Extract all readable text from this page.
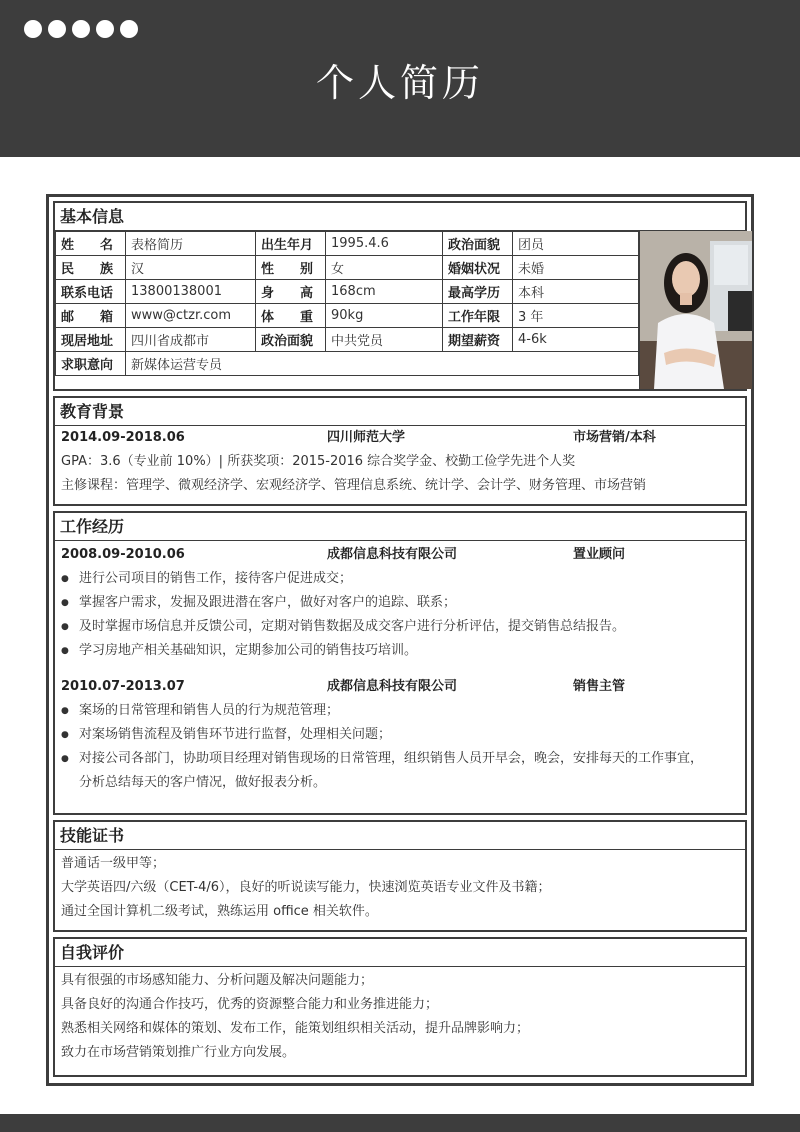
个人简历
基本信息
姓　　名	表格简历	出生年月	1995.4.6	政治面貌	团员
民　　族	汉	性　　别	女	婚姻状况	未婚
联系电话	13800138001	身　　高	168cm	最高学历	本科
邮　　箱	www@ctzr.com	体　　重	90kg	工作年限	3 年
现居地址	四川省成都市	政治面貌	中共党员	期望薪资	4-6k
求职意向	新媒体运营专员				
教育背景
2014.09-2018.06	四川师范大学	市场营销/本科
GPA：3.6（专业前 10%）| 所获奖项：2015-2016 综合奖学金、校勤工俭学先进个人奖
主修课程：管理学、微观经济学、宏观经济学、管理信息系统、统计学、会计学、财务管理、市场营销
工作经历
2008.09-2010.06	成都信息科技有限公司	置业顾问
● 进行公司项目的销售工作，接待客户促进成交；
● 掌握客户需求，发掘及跟进潜在客户，做好对客户的追踪、联系；
● 及时掌握市场信息并反馈公司，定期对销售数据及成交客户进行分析评估，提交销售总结报告。
● 学习房地产相关基础知识，定期参加公司的销售技巧培训。
2010.07-2013.07	成都信息科技有限公司	销售主管
● 案场的日常管理和销售人员的行为规范管理；
● 对案场销售流程及销售环节进行监督，处理相关问题；
● 对接公司各部门，协助项目经理对销售现场的日常管理，组织销售人员开早会，晚会，安排每天的工作事宜，
分析总结每天的客户情况，做好报表分析。
技能证书
普通话一级甲等；
大学英语四/六级（CET-4/6），良好的听说读写能力，快速浏览英语专业文件及书籍；
通过全国计算机二级考试，熟练运用 office 相关软件。
自我评价
具有很强的市场感知能力、分析问题及解决问题能力；
具备良好的沟通合作技巧，优秀的资源整合能力和业务推进能力；
熟悉相关网络和媒体的策划、发布工作，能策划组织相关活动，提升品牌影响力；
致力在市场营销策划推广行业方向发展。
